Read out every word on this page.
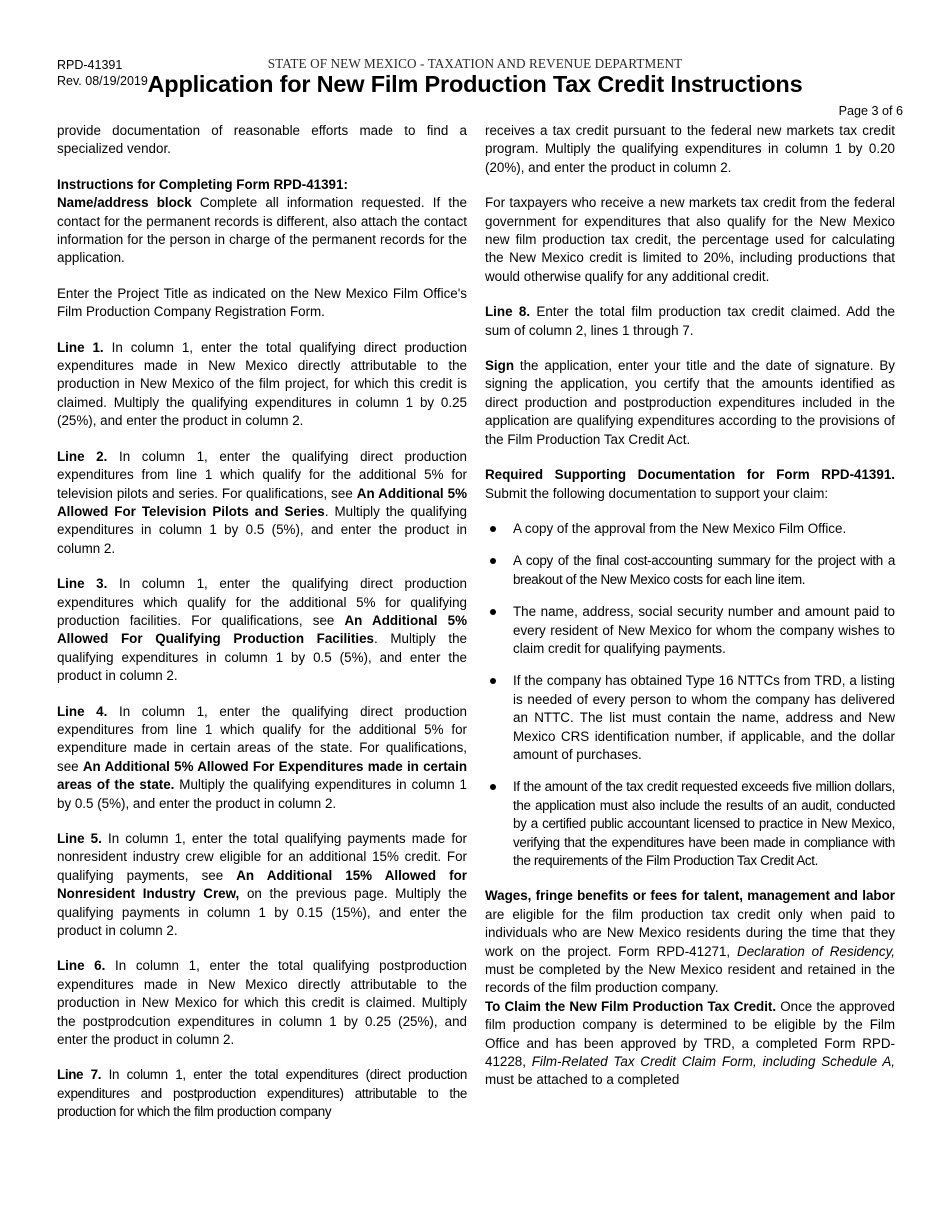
RPD-41391
Rev. 08/19/2019
STATE OF NEW MEXICO - TAXATION AND REVENUE DEPARTMENT
Application for New Film Production Tax Credit Instructions
Page 3 of 6

provide documentation of reasonable efforts made to find a specialized vendor.

Instructions for Completing Form RPD-41391:
Name/address block Complete all information requested. If the contact for the permanent records is different, also attach the contact information for the person in charge of the permanent records for the application.

Enter the Project Title as indicated on the New Mexico Film Office's Film Production Company Registration Form.

Line 1. In column 1, enter the total qualifying direct production expenditures made in New Mexico directly attributable to the production in New Mexico of the film project, for which this credit is claimed. Multiply the qualifying expenditures in column 1 by 0.25 (25%), and enter the product in column 2.

Line 2. In column 1, enter the qualifying direct production expenditures from line 1 which qualify for the additional 5% for television pilots and series. For qualifications, see An Additional 5% Allowed For Television Pilots and Series. Multiply the qualifying expenditures in column 1 by 0.5 (5%), and enter the product in column 2.

Line 3. In column 1, enter the qualifying direct production expenditures which qualify for the additional 5% for qualifying production facilities. For qualifications, see An Additional 5% Allowed For Qualifying Production Facilities. Multiply the qualifying expenditures in column 1 by 0.5 (5%), and enter the product in column 2.

Line 4. In column 1, enter the qualifying direct production expenditures from line 1 which qualify for the additional 5% for expenditure made in certain areas of the state. For qualifications, see An Additional 5% Allowed For Expenditures made in certain areas of the state. Multiply the qualifying expenditures in column 1 by 0.5 (5%), and enter the product in column 2.

Line 5. In column 1, enter the total qualifying payments made for nonresident industry crew eligible for an additional 15% credit. For qualifying payments, see An Additional 15% Allowed for Nonresident Industry Crew, on the previous page. Multiply the qualifying payments in column 1 by 0.15 (15%), and enter the product in column 2.

Line 6. In column 1, enter the total qualifying postproduction expenditures made in New Mexico directly attributable to the production in New Mexico for which this credit is claimed. Multiply the postprodcution expenditures in column 1 by 0.25 (25%), and enter the product in column 2.

Line 7. In column 1, enter the total expenditures (direct production expenditures and postproduction expenditures) attributable to the production for which the film production company

receives a tax credit pursuant to the federal new markets tax credit program. Multiply the qualifying expenditures in column 1 by 0.20 (20%), and enter the product in column 2.

For taxpayers who receive a new markets tax credit from the federal government for expenditures that also qualify for the New Mexico new film production tax credit, the percentage used for calculating the New Mexico credit is limited to 20%, including productions that would otherwise qualify for any additional credit.

Line 8. Enter the total film production tax credit claimed. Add the sum of column 2, lines 1 through 7.

Sign the application, enter your title and the date of signature. By signing the application, you certify that the amounts identified as direct production and postproduction expenditures included in the application are qualifying expenditures according to the provisions of the Film Production Tax Credit Act.

Required Supporting Documentation for Form RPD-41391. Submit the following documentation to support your claim:

A copy of the approval from the New Mexico Film Office.
A copy of the final cost-accounting summary for the project with a breakout of the New Mexico costs for each line item.
The name, address, social security number and amount paid to every resident of New Mexico for whom the company wishes to claim credit for qualifying payments.
If the company has obtained Type 16 NTTCs from TRD, a listing is needed of every person to whom the company has delivered an NTTC. The list must contain the name, address and New Mexico CRS identification number, if applicable, and the dollar amount of purchases.
If the amount of the tax credit requested exceeds five million dollars, the application must also include the results of an audit, conducted by a certified public accountant licensed to practice in New Mexico, verifying that the expenditures have been made in compliance with the requirements of the Film Production Tax Credit Act.

Wages, fringe benefits or fees for talent, management and labor are eligible for the film production tax credit only when paid to individuals who are New Mexico residents during the time that they work on the project. Form RPD-41271, Declaration of Residency, must be completed by the New Mexico resident and retained in the records of the film production company.

To Claim the New Film Production Tax Credit. Once the approved film production company is determined to be eligible by the Film Office and has been approved by TRD, a completed Form RPD-41228, Film-Related Tax Credit Claim Form, including Schedule A, must be attached to a completed
